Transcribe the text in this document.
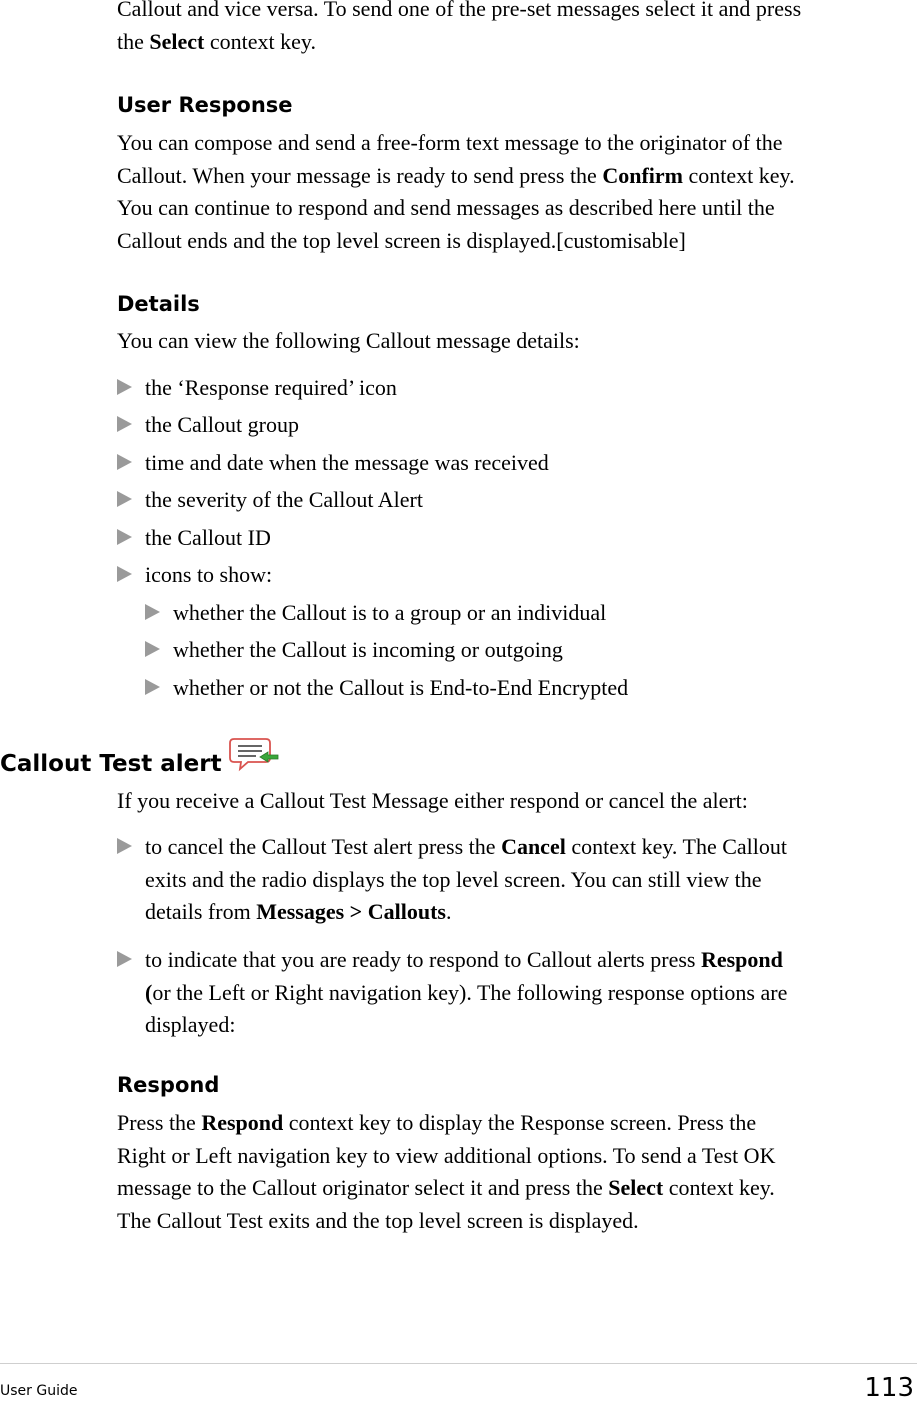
Callout and vice versa. To send one of the pre-set messages select it and press
the Select context key.
User Response
You can compose and send a free-form text message to the originator of the
Callout. When your message is ready to send press the Confirm context key.
You can continue to respond and send messages as described here until the
Callout ends and the top level screen is displayed.[customisable]
Details
You can view the following Callout message details:
the ‘Response required’ icon
the Callout group
time and date when the message was received
the severity of the Callout Alert
the Callout ID
icons to show:
whether the Callout is to a group or an individual
whether the Callout is incoming or outgoing
whether or not the Callout is End-to-End Encrypted
Callout Test alert
If you receive a Callout Test Message either respond or cancel the alert:
to cancel the Callout Test alert press the Cancel context key. The Callout
exits and the radio displays the top level screen. You can still view the
details from Messages > Callouts.
to indicate that you are ready to respond to Callout alerts press Respond
(or the Left or Right navigation key). The following response options are
displayed:
Respond
Press the Respond context key to display the Response screen. Press the
Right or Left navigation key to view additional options. To send a Test OK
message to the Callout originator select it and press the Select context key.
The Callout Test exits and the top level screen is displayed.
User Guide	113
